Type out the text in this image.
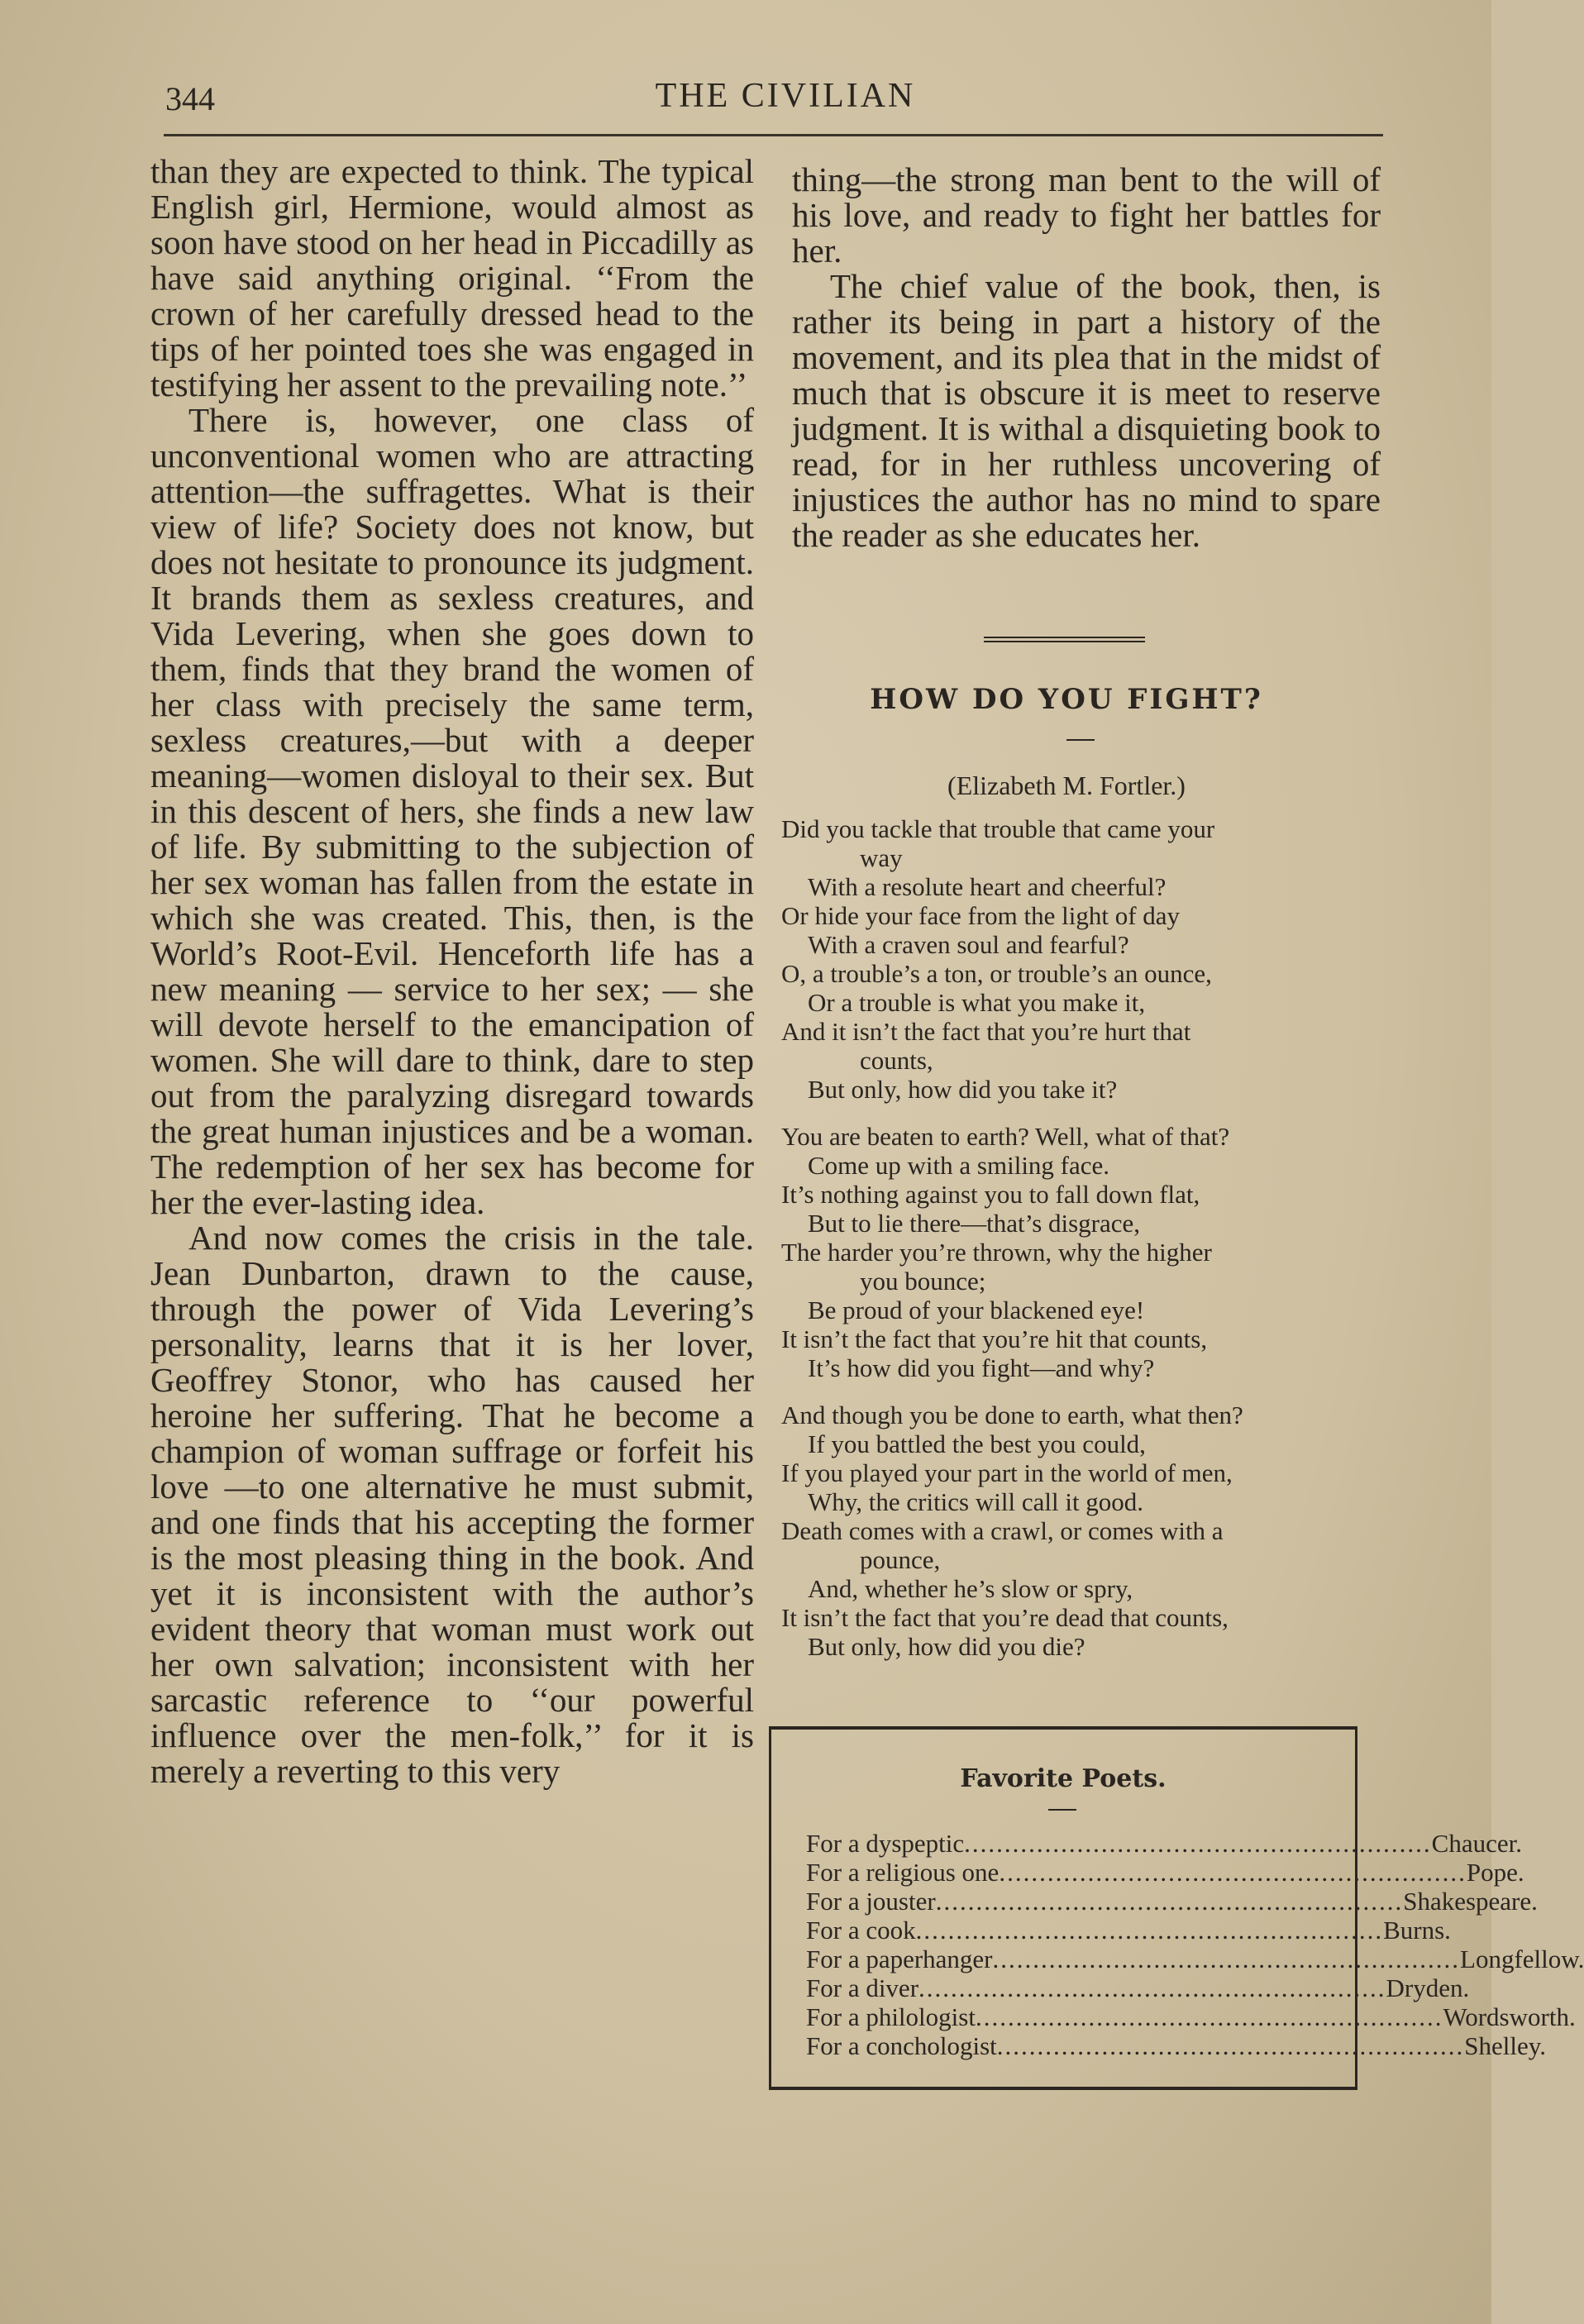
344	THE CIVILIAN

than they are expected to think. The typical English girl, Hermione, would almost as soon have stood on her head in Piccadilly as have said anything original. ‘‘From the crown of her carefully dressed head to the tips of her pointed toes she was engaged in testifying her assent to the prevailing note.’’

There is, however, one class of unconventional women who are attracting attention—the suffragettes. What is their view of life? Society does not know, but does not hesitate to pronounce its judgment. It brands them as sexless creatures, and Vida Levering, when she goes down to them, finds that they brand the women of her class with precisely the same term, sexless creatures,—but with a deeper meaning—women disloyal to their sex. But in this descent of hers, she finds a new law of life. By submitting to the subjection of her sex woman has fallen from the estate in which she was created. This, then, is the World’s Root-Evil. Henceforth life has a new meaning — service to her sex; — she will devote herself to the emancipation of women. She will dare to think, dare to step out from the paralyzing disregard towards the great human injustices and be a woman. The redemption of her sex has become for her the ever-lasting idea.

And now comes the crisis in the tale. Jean Dunbarton, drawn to the cause, through the power of Vida Levering’s personality, learns that it is her lover, Geoffrey Stonor, who has caused her heroine her suffering. That he become a champion of woman suffrage or forfeit his love —to one alternative he must submit, and one finds that his accepting the former is the most pleasing thing in the book. And yet it is inconsistent with the author’s evident theory that woman must work out her own salvation; inconsistent with her sarcastic reference to ‘‘our powerful influence over the men-folk,’’ for it is merely a reverting to this very

thing—the strong man bent to the will of his love, and ready to fight her battles for her.

The chief value of the book, then, is rather its being in part a history of the movement, and its plea that in the midst of much that is obscure it is meet to reserve judgment. It is withal a disquieting book to read, for in her ruthless uncovering of injustices the author has no mind to spare the reader as she educates her.

HOW DO YOU FIGHT?
(Elizabeth M. Fortler.)
Did you tackle that trouble that came your
way
With a resolute heart and cheerful?
Or hide your face from the light of day
With a craven soul and fearful?
O, a trouble’s a ton, or trouble’s an ounce,
Or a trouble is what you make it,
And it isn’t the fact that you’re hurt that
counts,
But only, how did you take it?
You are beaten to earth? Well, what of that?
Come up with a smiling face.
It’s nothing against you to fall down flat,
But to lie there—that’s disgrace,
The harder you’re thrown, why the higher
you bounce;
Be proud of your blackened eye!
It isn’t the fact that you’re hit that counts,
It’s how did you fight—and why?
And though you be done to earth, what then?
If you battled the best you could,
If you played your part in the world of men,
Why, the critics will call it good.
Death comes with a crawl, or comes with a
pounce,
And, whether he’s slow or spry,
It isn’t the fact that you’re dead that counts,
But only, how did you die?
Favorite Poets.
For a dyspeptic .......................................................... Chaucer.
For a religious one .......................................................... Pope.
For a jouster .......................................................... Shakespeare.
For a cook .......................................................... Burns.
For a paperhanger .......................................................... Longfellow.
For a diver .......................................................... Dryden.
For a philologist .......................................................... Wordsworth.
For a conchologist .......................................................... Shelley.
